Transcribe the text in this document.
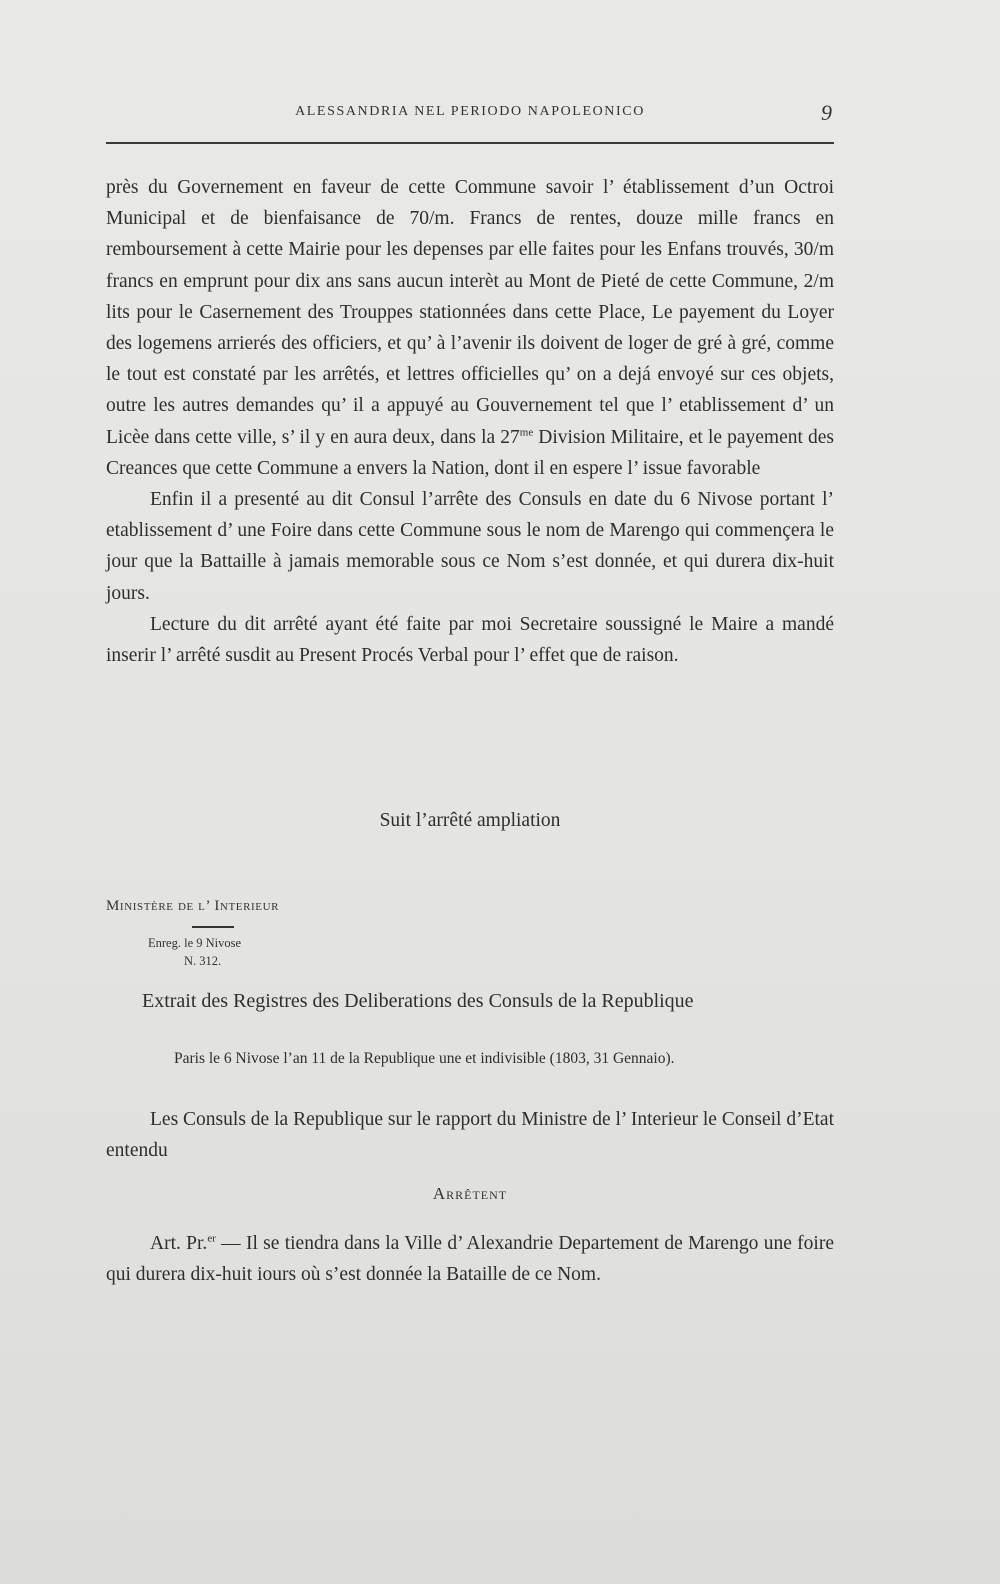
ALESSANDRIA NEL PERIODO NAPOLEONICO	9

près du Governement en faveur de cette Commune savoir l’ établissement d’un Octroi Municipal et de bienfaisance de 70/m. Francs de rentes, douze mille francs en remboursement à cette Mairie pour les depenses par elle faites pour les Enfans trouvés, 30/m francs en emprunt pour dix ans sans aucun interèt au Mont de Pieté de cette Commune, 2/m lits pour le Casernement des Trouppes stationnées dans cette Place, Le payement du Loyer des logemens arrierés des officiers, et qu’ à l’avenir ils doivent de loger de gré à gré, comme le tout est constaté par les arrêtés, et lettres officielles qu’ on a dejá envoyé sur ces objets, outre les autres demandes qu’ il a appuyé au Gouvernement tel que l’ etablissement d’ un Licèe dans cette ville, s’ il y en aura deux, dans la $27^{me}$ Division Militaire, et le payement des Creances que cette Commune a envers la Nation, dont il en espere l’ issue favorable

Enfin il a presenté au dit Consul l’arrête des Consuls en date du 6 Nivose portant l’ etablissement d’ une Foire dans cette Commune sous le nom de Marengo qui commençera le jour que la Battaille à jamais memorable sous ce Nom s’est donnée, et qui durera dix-huit jours.

Lecture du dit arrêté ayant été faite par moi Secretaire soussigné le Maire a mandé inserir l’ arrêté susdit au Present Procés Verbal pour l’ effet que de raison.

Suit l’arrêté ampliation
Ministère de l’ Interieur
Enreg. le 9 Nivose
N. 312.
Extrait des Registres des Deliberations des Consuls de la Republique
Paris le 6 Nivose l’an 11 de la Republique une et indivisible (1803, 31 Gennaio).

Les Consuls de la Republique sur le rapport du Ministre de l’ Interieur le Conseil d’Etat entendu

Arrêtent

Art. Pr.$^{er}$ — Il se tiendra dans la Ville d’ Alexandrie Departement de Marengo une foire qui durera dix-huit iours où s’est donnée la Bataille de ce Nom.
